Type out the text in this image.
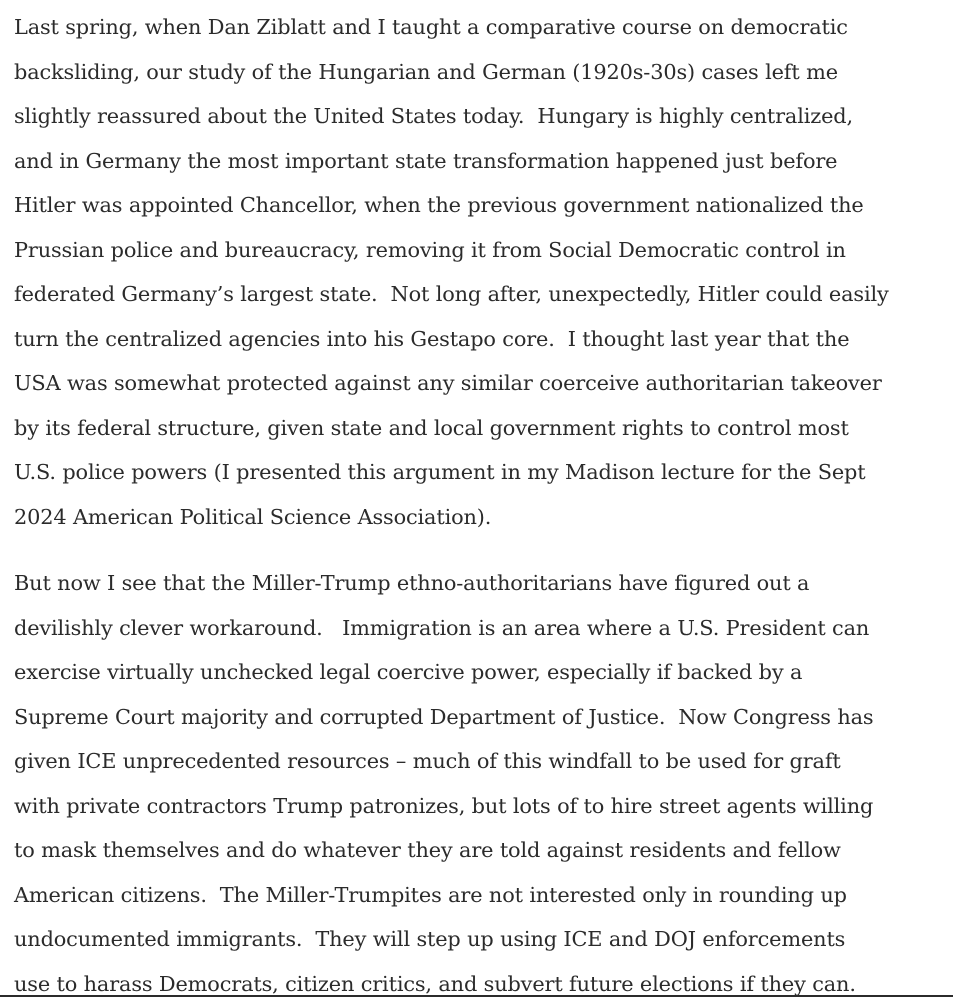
Last spring, when Dan Ziblatt and I taught a comparative course on democratic
backsliding, our study of the Hungarian and German (1920s-30s) cases left me
slightly reassured about the United States today.  Hungary is highly centralized,
and in Germany the most important state transformation happened just before
Hitler was appointed Chancellor, when the previous government nationalized the
Prussian police and bureaucracy, removing it from Social Democratic control in
federated Germany’s largest state.  Not long after, unexpectedly, Hitler could easily
turn the centralized agencies into his Gestapo core.  I thought last year that the
USA was somewhat protected against any similar coerceive authoritarian takeover
by its federal structure, given state and local government rights to control most
U.S. police powers (I presented this argument in my Madison lecture for the Sept
2024 American Political Science Association).
But now I see that the Miller-Trump ethno-authoritarians have figured out a
devilishly clever workaround.   Immigration is an area where a U.S. President can
exercise virtually unchecked legal coercive power, especially if backed by a
Supreme Court majority and corrupted Department of Justice.  Now Congress has
given ICE unprecedented resources – much of this windfall to be used for graft
with private contractors Trump patronizes, but lots of to hire street agents willing
to mask themselves and do whatever they are told against residents and fellow
American citizens.  The Miller-Trumpites are not interested only in rounding up
undocumented immigrants.  They will step up using ICE and DOJ enforcements
use to harass Democrats, citizen critics, and subvert future elections if they can.
